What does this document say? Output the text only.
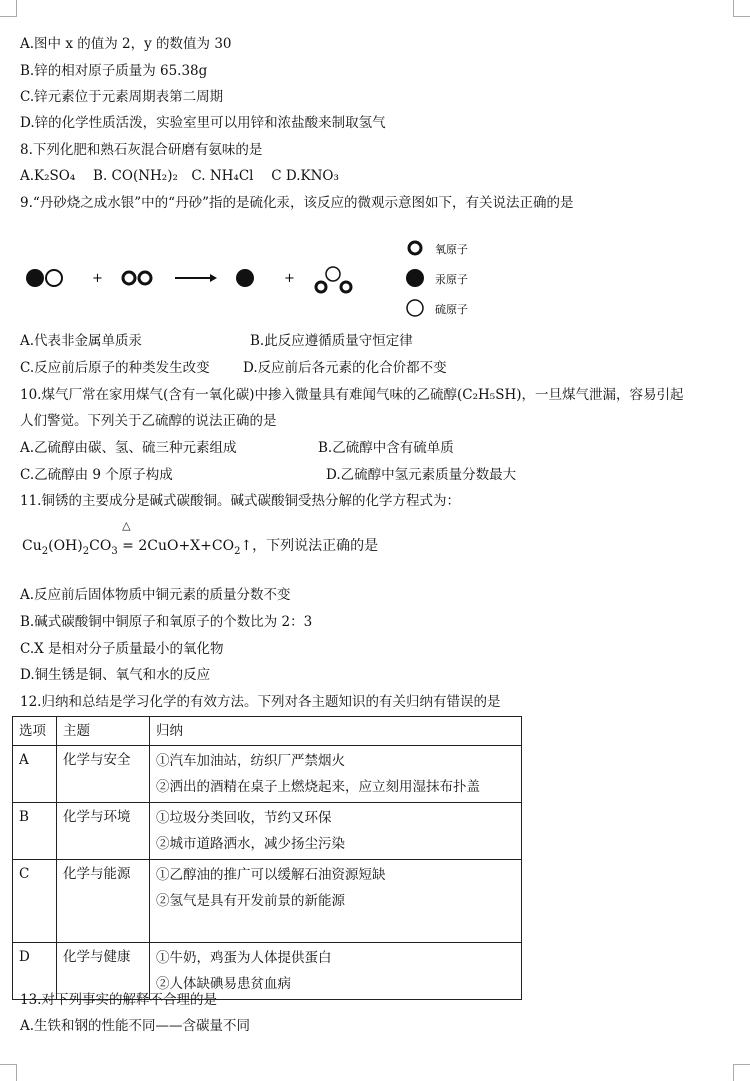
A.图中 x 的值为 2，y 的数值为 30
B.锌的相对原子质量为 65.38g
C.锌元素位于元素周期表第二周期
D.锌的化学性质活泼，实验室里可以用锌和浓盐酸来制取氢气
8.下列化肥和熟石灰混合研磨有氨味的是
A.K₂SO₄　 B. CO(NH₂)₂　C. NH₄Cl　 C D.KNO₃
9.“丹砂烧之成水银”中的“丹砂”指的是硫化汞，该反应的微观示意图如下，有关说法正确的是
+	+
氧原子
汞原子
硫原子
A.代表非金属单质汞	B.此反应遵循质量守恒定律
C.反应前后原子的种类发生改变 D.反应前后各元素的化合价都不变
10.煤气厂常在家用煤气(含有一氧化碳)中掺入微量具有难闻气味的乙硫醇(C₂H₅SH)，一旦煤气泄漏，容易引起
人们警觉。下列关于乙硫醇的说法正确的是
A.乙硫醇由碳、氢、硫三种元素组成	B.乙硫醇中含有硫单质
C.乙硫醇由 9 个原子构成	D.乙硫醇中氢元素质量分数最大
11.铜锈的主要成分是碱式碳酸铜。碱式碳酸铜受热分解的化学方程式为：
$Cu_2(OH)_2CO_3$
△
= $2CuO+X+CO_2↑$，下列说法正确的是
A.反应前后固体物质中铜元素的质量分数不变
B.碱式碳酸铜中铜原子和氧原子的个数比为 2：3
C.X 是相对分子质量最小的氧化物
D.铜生锈是铜、氧气和水的反应
12.归纳和总结是学习化学的有效方法。下列对各主题知识的有关归纳有错误的是
选项	主题	归纳
A	化学与安全	①汽车加油站，纺织厂严禁烟火
②洒出的酒精在桌子上燃烧起来，应立刻用湿抹布扑盖

B	化学与环境	①垃圾分类回收，节约又环保
②城市道路洒水，减少扬尘污染

C	化学与能源	①乙醇油的推广可以缓解石油资源短缺
②氢气是具有开发前景的新能源

D	化学与健康	①牛奶，鸡蛋为人体提供蛋白
②人体缺碘易患贫血病
13.对下列事实的解释不合理的是
A.生铁和钢的性能不同——含碳量不同
